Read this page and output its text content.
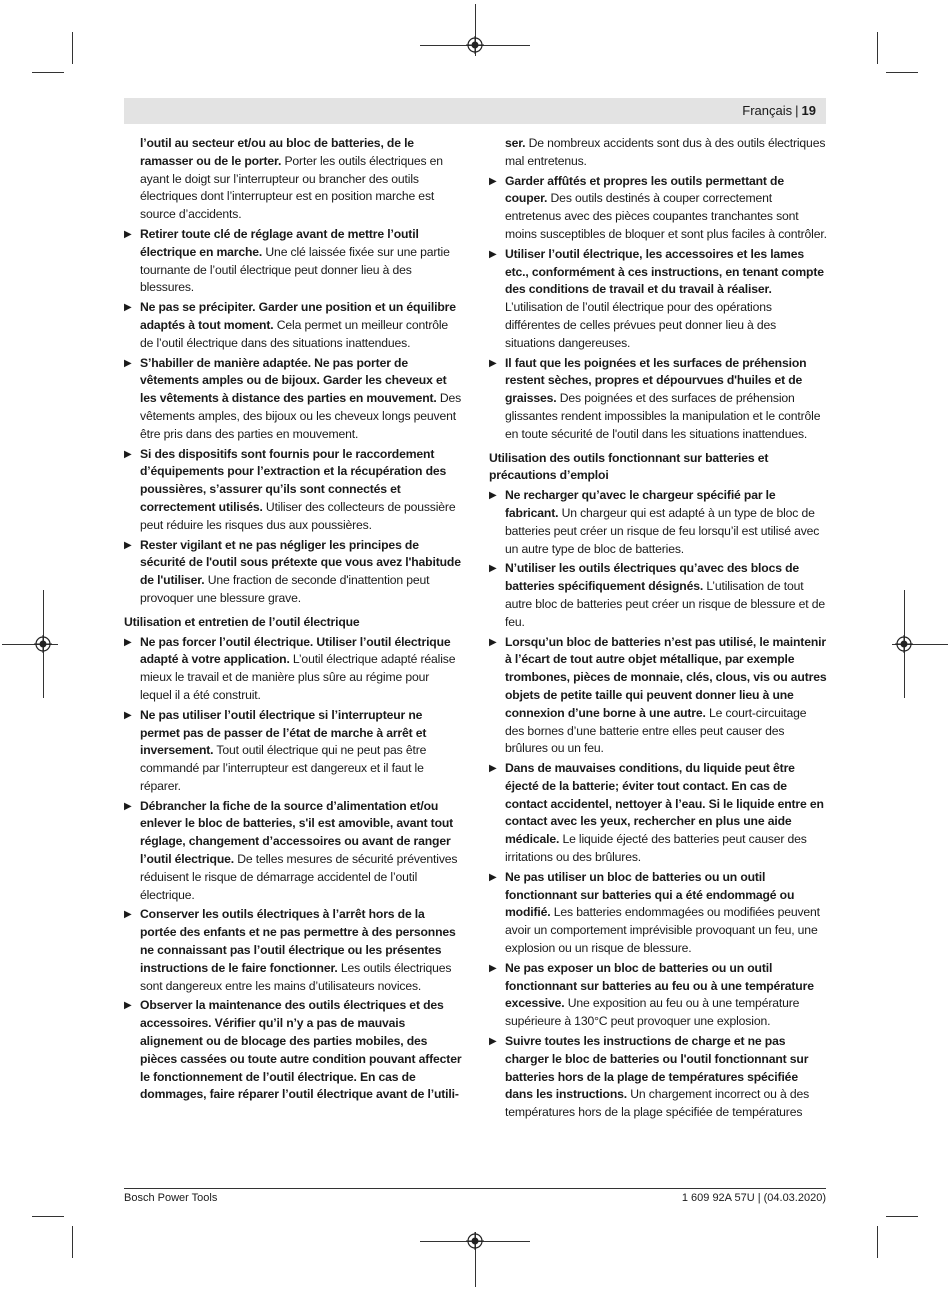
Français | 19
l’outil au secteur et/ou au bloc de batteries, de le ramasser ou de le porter. Porter les outils électriques en ayant le doigt sur l’interrupteur ou brancher des outils électriques dont l’interrupteur est en position marche est source d’accidents.
▶ Retirer toute clé de réglage avant de mettre l’outil électrique en marche. Une clé laissée fixée sur une partie tournante de l’outil électrique peut donner lieu à des blessures.
▶ Ne pas se précipiter. Garder une position et un équilibre adaptés à tout moment. Cela permet un meilleur contrôle de l’outil électrique dans des situations inattendues.
▶ S’habiller de manière adaptée. Ne pas porter de vêtements amples ou de bijoux. Garder les cheveux et les vêtements à distance des parties en mouvement. Des vêtements amples, des bijoux ou les cheveux longs peuvent être pris dans des parties en mouvement.
▶ Si des dispositifs sont fournis pour le raccordement d’équipements pour l’extraction et la récupération des poussières, s’assurer qu’ils sont connectés et correctement utilisés. Utiliser des collecteurs de poussière peut réduire les risques dus aux poussières.
▶ Rester vigilant et ne pas négliger les principes de sécurité de l'outil sous prétexte que vous avez l'habitude de l'utiliser. Une fraction de seconde d'inattention peut provoquer une blessure grave.
Utilisation et entretien de l’outil électrique
▶ Ne pas forcer l’outil électrique. Utiliser l’outil électrique adapté à votre application. L’outil électrique adapté réalise mieux le travail et de manière plus sûre au régime pour lequel il a été construit.
▶ Ne pas utiliser l’outil électrique si l’interrupteur ne permet pas de passer de l’état de marche à arrêt et inversement. Tout outil électrique qui ne peut pas être commandé par l’interrupteur est dangereux et il faut le réparer.
▶ Débrancher la fiche de la source d’alimentation et/ou enlever le bloc de batteries, s'il est amovible, avant tout réglage, changement d’accessoires ou avant de ranger l’outil électrique. De telles mesures de sécurité préventives réduisent le risque de démarrage accidentel de l’outil électrique.
▶ Conserver les outils électriques à l’arrêt hors de la portée des enfants et ne pas permettre à des personnes ne connaissant pas l’outil électrique ou les présentes instructions de le faire fonctionner. Les outils électriques sont dangereux entre les mains d’utilisateurs novices.
▶ Observer la maintenance des outils électriques et des accessoires. Vérifier qu’il n’y a pas de mauvais alignement ou de blocage des parties mobiles, des pièces cassées ou toute autre condition pouvant affecter le fonctionnement de l’outil électrique. En cas de dommages, faire réparer l’outil électrique avant de l’utili-
ser. De nombreux accidents sont dus à des outils électriques mal entretenus.
▶ Garder affûtés et propres les outils permettant de couper. Des outils destinés à couper correctement entretenus avec des pièces coupantes tranchantes sont moins susceptibles de bloquer et sont plus faciles à contrôler.
▶ Utiliser l’outil électrique, les accessoires et les lames etc., conformément à ces instructions, en tenant compte des conditions de travail et du travail à réaliser. L’utilisation de l’outil électrique pour des opérations différentes de celles prévues peut donner lieu à des situations dangereuses.
▶ Il faut que les poignées et les surfaces de préhension restent sèches, propres et dépourvues d'huiles et de graisses. Des poignées et des surfaces de préhension glissantes rendent impossibles la manipulation et le contrôle en toute sécurité de l'outil dans les situations inattendues.
Utilisation des outils fonctionnant sur batteries et précautions d’emploi
▶ Ne recharger qu’avec le chargeur spécifié par le fabricant. Un chargeur qui est adapté à un type de bloc de batteries peut créer un risque de feu lorsqu’il est utilisé avec un autre type de bloc de batteries.
▶ N’utiliser les outils électriques qu’avec des blocs de batteries spécifiquement désignés. L’utilisation de tout autre bloc de batteries peut créer un risque de blessure et de feu.
▶ Lorsqu’un bloc de batteries n’est pas utilisé, le maintenir à l’écart de tout autre objet métallique, par exemple trombones, pièces de monnaie, clés, clous, vis ou autres objets de petite taille qui peuvent donner lieu à une connexion d’une borne à une autre. Le court-circuitage des bornes d’une batterie entre elles peut causer des brûlures ou un feu.
▶ Dans de mauvaises conditions, du liquide peut être éjecté de la batterie; éviter tout contact. En cas de contact accidentel, nettoyer à l’eau. Si le liquide entre en contact avec les yeux, rechercher en plus une aide médicale. Le liquide éjecté des batteries peut causer des irritations ou des brûlures.
▶ Ne pas utiliser un bloc de batteries ou un outil fonctionnant sur batteries qui a été endommagé ou modifié. Les batteries endommagées ou modifiées peuvent avoir un comportement imprévisible provoquant un feu, une explosion ou un risque de blessure.
▶ Ne pas exposer un bloc de batteries ou un outil fonctionnant sur batteries au feu ou à une température excessive. Une exposition au feu ou à une température supérieure à 130°C peut provoquer une explosion.
▶ Suivre toutes les instructions de charge et ne pas charger le bloc de batteries ou l'outil fonctionnant sur batteries hors de la plage de températures spécifiée dans les instructions. Un chargement incorrect ou à des températures hors de la plage spécifiée de températures
Bosch Power Tools	1 609 92A 57U | (04.03.2020)
